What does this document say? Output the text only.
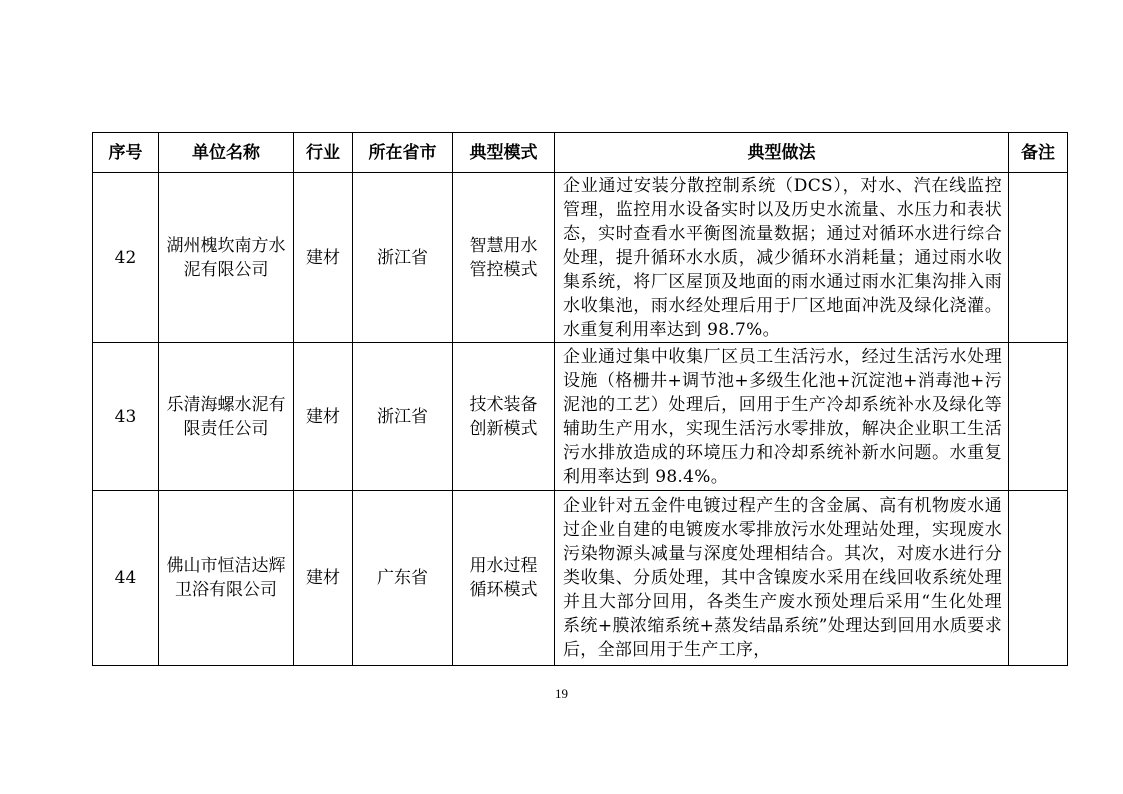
序号	单位名称	行业	所在省市	典型模式	典型做法	备注
42	湖州槐坎南方水泥有限公司	建材	浙江省	智慧用水管控模式	企业通过安装分散控制系统（DCS），对水、汽在线监控管理，监控用水设备实时以及历史水流量、水压力和表状态，实时查看水平衡图流量数据；通过对循环水进行综合处理，提升循环水水质，减少循环水消耗量；通过雨水收集系统，将厂区屋顶及地面的雨水通过雨水汇集沟排入雨水收集池，雨水经处理后用于厂区地面冲洗及绿化浇灌。水重复利用率达到 98.7%。	
43	乐清海螺水泥有限责任公司	建材	浙江省	技术装备创新模式	企业通过集中收集厂区员工生活污水，经过生活污水处理设施（格栅井+调节池+多级生化池+沉淀池+消毒池+污泥池的工艺）处理后，回用于生产冷却系统补水及绿化等辅助生产用水，实现生活污水零排放，解决企业职工生活污水排放造成的环境压力和冷却系统补新水问题。水重复利用率达到 98.4%。	
44	佛山市恒洁达辉卫浴有限公司	建材	广东省	用水过程循环模式	企业针对五金件电镀过程产生的含金属、高有机物废水通过企业自建的电镀废水零排放污水处理站处理，实现废水污染物源头减量与深度处理相结合。其次，对废水进行分类收集、分质处理，其中含镍废水采用在线回收系统处理并且大部分回用，各类生产废水预处理后采用“生化处理系统+膜浓缩系统+蒸发结晶系统”处理达到回用水质要求后，全部回用于生产工序，	
19
